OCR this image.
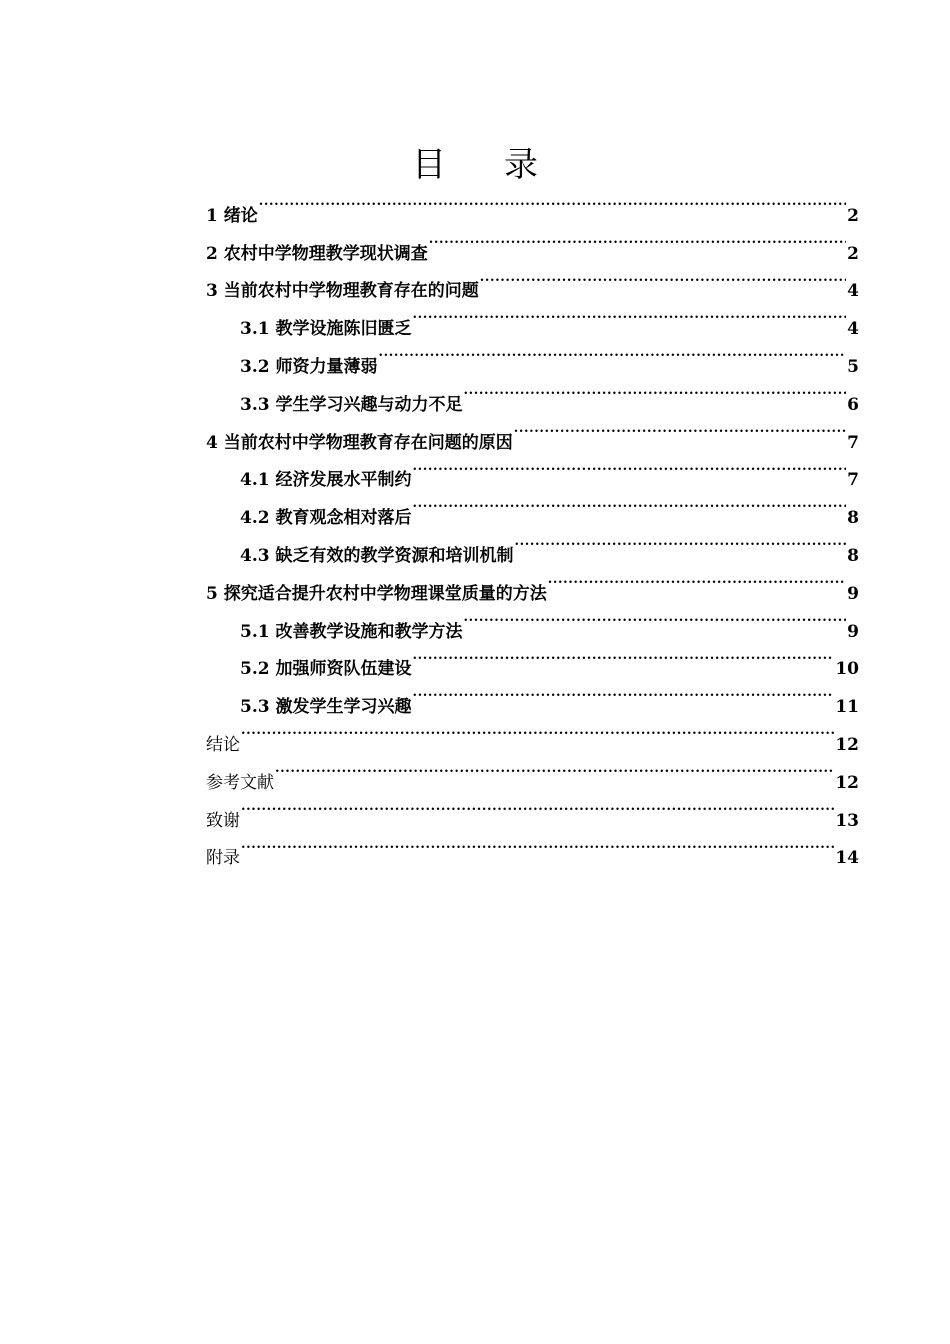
目 录
1 绪论 .....	2
2 农村中学物理教学现状调查 .....	2
3 当前农村中学物理教育存在的问题 .....	4
3.1 教学设施陈旧匮乏 .....	4
3.2 师资力量薄弱 .....	5
3.3 学生学习兴趣与动力不足 .....	6
4 当前农村中学物理教育存在问题的原因 .....	7
4.1 经济发展水平制约 .....	7
4.2 教育观念相对落后 .....	8
4.3 缺乏有效的教学资源和培训机制 .....	8
5 探究适合提升农村中学物理课堂质量的方法 .....	9
5.1 改善教学设施和教学方法 .....	9
5.2 加强师资队伍建设 .....	10
5.3 激发学生学习兴趣 .....	11
结论 .....	12
参考文献 .....	12
致谢 .....	13
附录 .....	14
